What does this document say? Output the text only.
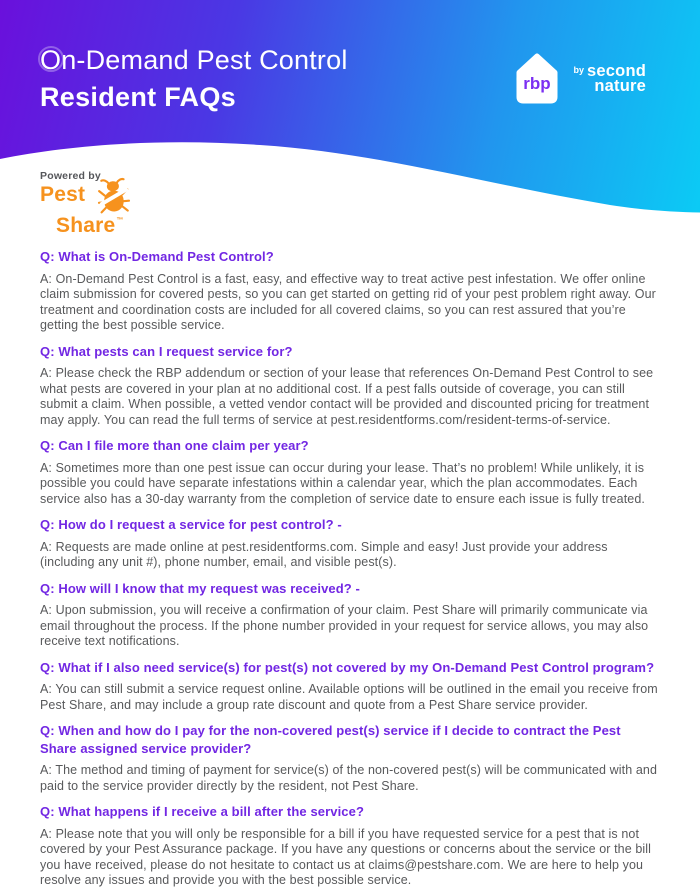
On-Demand Pest Control
Resident FAQs	rbp
by second
nature
Powered by
Pest
Share ™
Q: What is On-Demand Pest Control?

A: On-Demand Pest Control is a fast, easy, and effective way to treat active pest infestation. We offer online claim submission for covered pests, so you can get started on getting rid of your pest problem right away. Our treatment and coordination costs are included for all covered claims, so you can rest assured that you’re getting the best possible service.

Q: What pests can I request service for?

A: Please check the RBP addendum or section of your lease that references On-Demand Pest Control to see what pests are covered in your plan at no additional cost. If a pest falls outside of coverage, you can still submit a claim. When possible, a vetted vendor contact will be provided and discounted pricing for treatment may apply. You can read the full terms of service at pest.residentforms.com/resident-terms-of-service.

Q: Can I file more than one claim per year?

A: Sometimes more than one pest issue can occur during your lease. That’s no problem! While unlikely, it is possible you could have separate infestations within a calendar year, which the plan accommodates. Each service also has a 30-day warranty from the completion of service date to ensure each issue is fully treated.

Q: How do I request a service for pest control? -

A: Requests are made online at pest.residentforms.com. Simple and easy! Just provide your address (including any unit #), phone number, email, and visible pest(s).

Q: How will I know that my request was received? -

A: Upon submission, you will receive a confirmation of your claim. Pest Share will primarily communicate via email throughout the process. If the phone number provided in your request for service allows, you may also receive text notifications.

Q: What if I also need service(s) for pest(s) not covered by my On-Demand Pest Control program?

A: You can still submit a service request online. Available options will be outlined in the email you receive from Pest Share, and may include a group rate discount and quote from a Pest Share service provider.

Q: When and how do I pay for the non-covered pest(s) service if I decide to contract the Pest Share assigned service provider?

A: The method and timing of payment for service(s) of the non-covered pest(s) will be communicated with and paid to the service provider directly by the resident, not Pest Share.

Q: What happens if I receive a bill after the service?

A: Please note that you will only be responsible for a bill if you have requested service for a pest that is not covered by your Pest Assurance package. If you have any questions or concerns about the service or the bill you have received, please do not hesitate to contact us at claims@pestshare.com. We are here to help you resolve any issues and provide you with the best possible service.
